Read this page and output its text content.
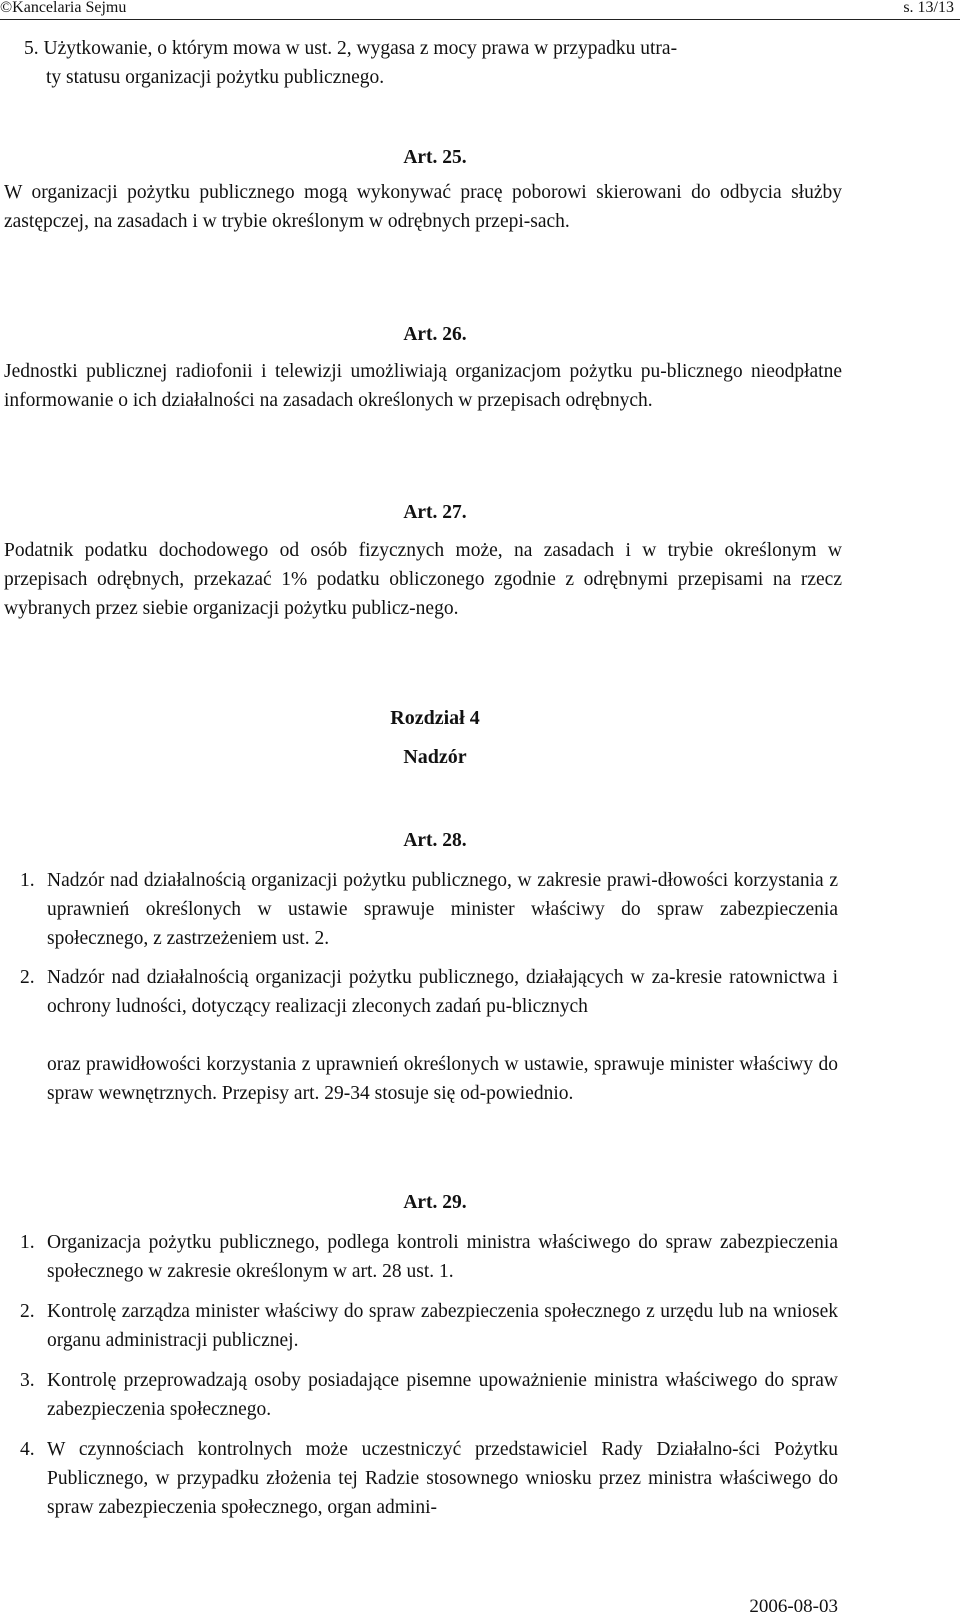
©Kancelaria Sejmu	s. 13/13
5. Użytkowanie, o którym mowa w ust. 2, wygasa z mocy prawa w przypadku utra-
ty statusu organizacji pożytku publicznego.
Art. 25.
W organizacji pożytku publicznego mogą wykonywać pracę poborowi skierowani do odbycia służby zastępczej, na zasadach i w trybie określonym w odrębnych przepi-sach.
Art. 26.
Jednostki publicznej radiofonii i telewizji umożliwiają organizacjom pożytku pu-blicznego nieodpłatne informowanie o ich działalności na zasadach określonych w przepisach odrębnych.
Art. 27.
Podatnik podatku dochodowego od osób fizycznych może, na zasadach i w trybie określonym w przepisach odrębnych, przekazać 1% podatku obliczonego zgodnie z odrębnymi przepisami na rzecz wybranych przez siebie organizacji pożytku publicz-nego.
Rozdział 4
Nadzór
Art. 28.
1. Nadzór nad działalnością organizacji pożytku publicznego, w zakresie prawi-dłowości korzystania z uprawnień określonych w ustawie sprawuje minister właściwy do spraw zabezpieczenia społecznego, z zastrzeżeniem ust. 2.
2. Nadzór nad działalnością organizacji pożytku publicznego, działających w za-kresie ratownictwa i ochrony ludności, dotyczący realizacji zleconych zadań pu-blicznych
oraz prawidłowości korzystania z uprawnień określonych w ustawie, sprawuje minister właściwy do spraw wewnętrznych. Przepisy art. 29-34 stosuje się od-powiednio.
Art. 29.
1. Organizacja pożytku publicznego, podlega kontroli ministra właściwego do spraw zabezpieczenia społecznego w zakresie określonym w art. 28 ust. 1.
2. Kontrolę zarządza minister właściwy do spraw zabezpieczenia społecznego z urzędu lub na wniosek organu administracji publicznej.
3. Kontrolę przeprowadzają osoby posiadające pisemne upoważnienie ministra właściwego do spraw zabezpieczenia społecznego.
4. W czynnościach kontrolnych może uczestniczyć przedstawiciel Rady Działalno-ści Pożytku Publicznego, w przypadku złożenia tej Radzie stosownego wniosku przez ministra właściwego do spraw zabezpieczenia społecznego, organ admini-
2006-08-03
